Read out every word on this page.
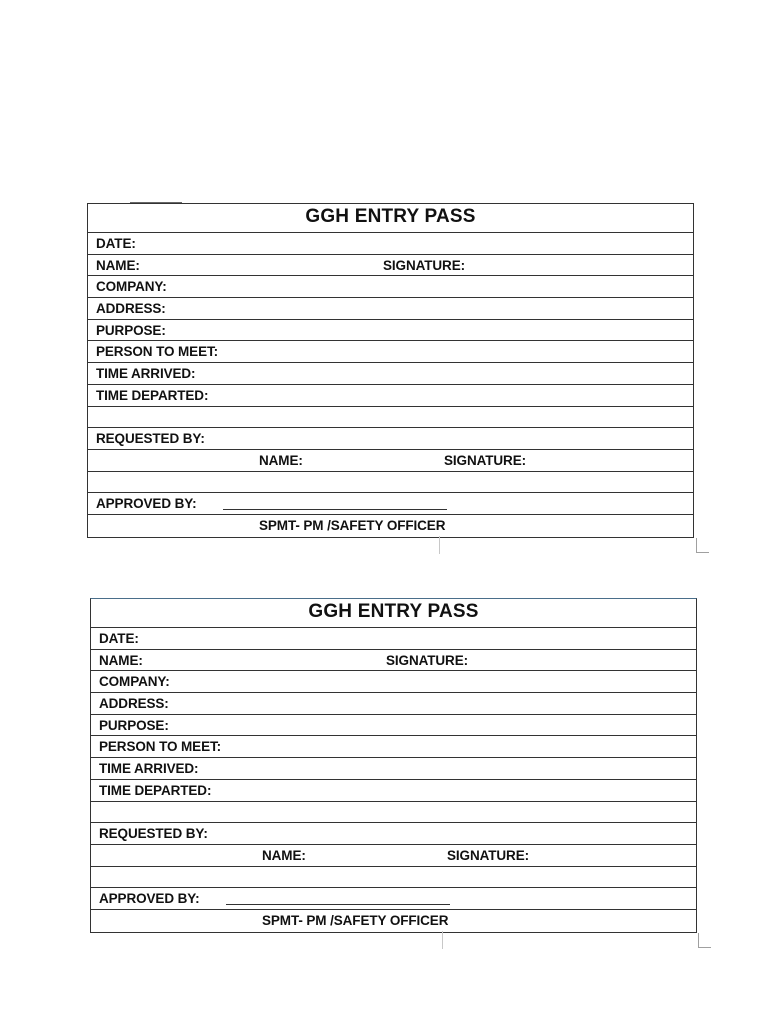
GGH ENTRY PASS
DATE:
NAME:	SIGNATURE:
COMPANY:
ADDRESS:
PURPOSE:
PERSON TO MEET:
TIME ARRIVED:
TIME DEPARTED:
REQUESTED BY:
NAME:	SIGNATURE:
APPROVED BY:
SPMT- PM /SAFETY OFFICER
GGH ENTRY PASS
DATE:
NAME:	SIGNATURE:
COMPANY:
ADDRESS:
PURPOSE:
PERSON TO MEET:
TIME ARRIVED:
TIME DEPARTED:
REQUESTED BY:
NAME:	SIGNATURE:
APPROVED BY:
SPMT- PM /SAFETY OFFICER
